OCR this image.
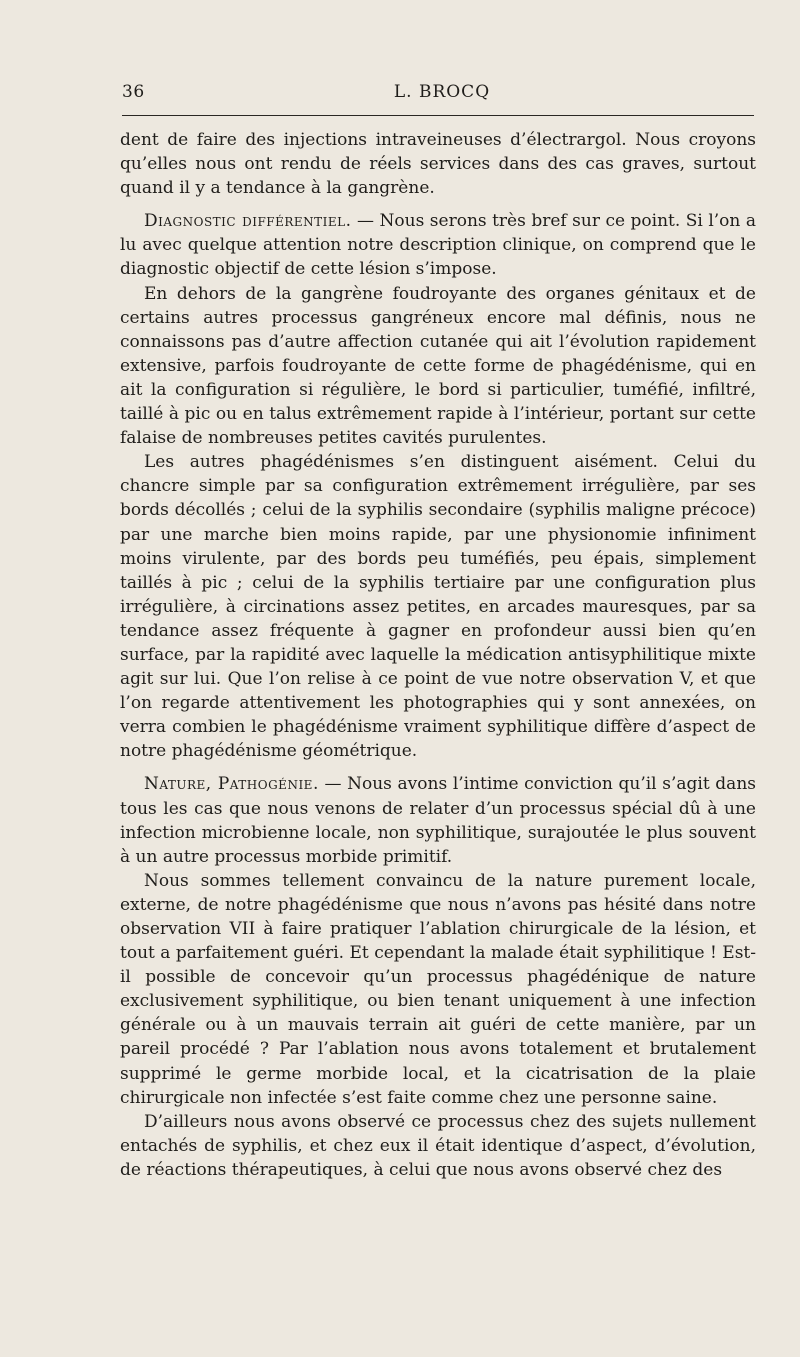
36	L. BROCQ

dent de faire des injections intraveineuses d’électrargol. Nous croyons qu’elles nous ont rendu de réels services dans des cas graves, surtout quand il y a tendance à la gangrène.

Diagnostic différentiel. — Nous serons très bref sur ce point. Si l’on a lu avec quelque attention notre description clinique, on comprend que le diagnostic objectif de cette lésion s’impose.

En dehors de la gangrène foudroyante des organes génitaux et de certains autres processus gangréneux encore mal définis, nous ne connaissons pas d’autre affection cutanée qui ait l’évolution rapidement extensive, parfois foudroyante de cette forme de phagédénisme, qui en ait la configuration si régulière, le bord si particulier, tuméfié, infiltré, taillé à pic ou en talus extrêmement rapide à l’intérieur, portant sur cette falaise de nombreuses petites cavités purulentes.

Les autres phagédénismes s’en distinguent aisément. Celui du chancre simple par sa configuration extrêmement irrégulière, par ses bords décollés ; celui de la syphilis secondaire (syphilis maligne précoce) par une marche bien moins rapide, par une physionomie infiniment moins virulente, par des bords peu tuméfiés, peu épais, simplement taillés à pic ; celui de la syphilis tertiaire par une configuration plus irrégulière, à circinations assez petites, en arcades mauresques, par sa tendance assez fréquente à gagner en profondeur aussi bien qu’en surface, par la rapidité avec laquelle la médication antisyphilitique mixte agit sur lui. Que l’on relise à ce point de vue notre observation V, et que l’on regarde attentivement les photographies qui y sont annexées, on verra combien le phagédénisme vraiment syphilitique diffère d’aspect de notre phagédénisme géométrique.

Nature, Pathogénie. — Nous avons l’intime conviction qu’il s’agit dans tous les cas que nous venons de relater d’un processus spécial dû à une infection microbienne locale, non syphilitique, surajoutée le plus souvent à un autre processus morbide primitif.

Nous sommes tellement convaincu de la nature purement locale, externe, de notre phagédénisme que nous n’avons pas hésité dans notre observation VII à faire pratiquer l’ablation chirurgicale de la lésion, et tout a parfaitement guéri. Et cependant la malade était syphilitique ! Est-il possible de concevoir qu’un processus phagédénique de nature exclusivement syphilitique, ou bien tenant uniquement à une infection générale ou à un mauvais terrain ait guéri de cette manière, par un pareil procédé ? Par l’ablation nous avons totalement et brutalement supprimé le germe morbide local, et la cicatrisation de la plaie chirurgicale non infectée s’est faite comme chez une personne saine.

D’ailleurs nous avons observé ce processus chez des sujets nullement entachés de syphilis, et chez eux il était identique d’aspect, d’évolution, de réactions thérapeutiques, à celui que nous avons observé chez des
